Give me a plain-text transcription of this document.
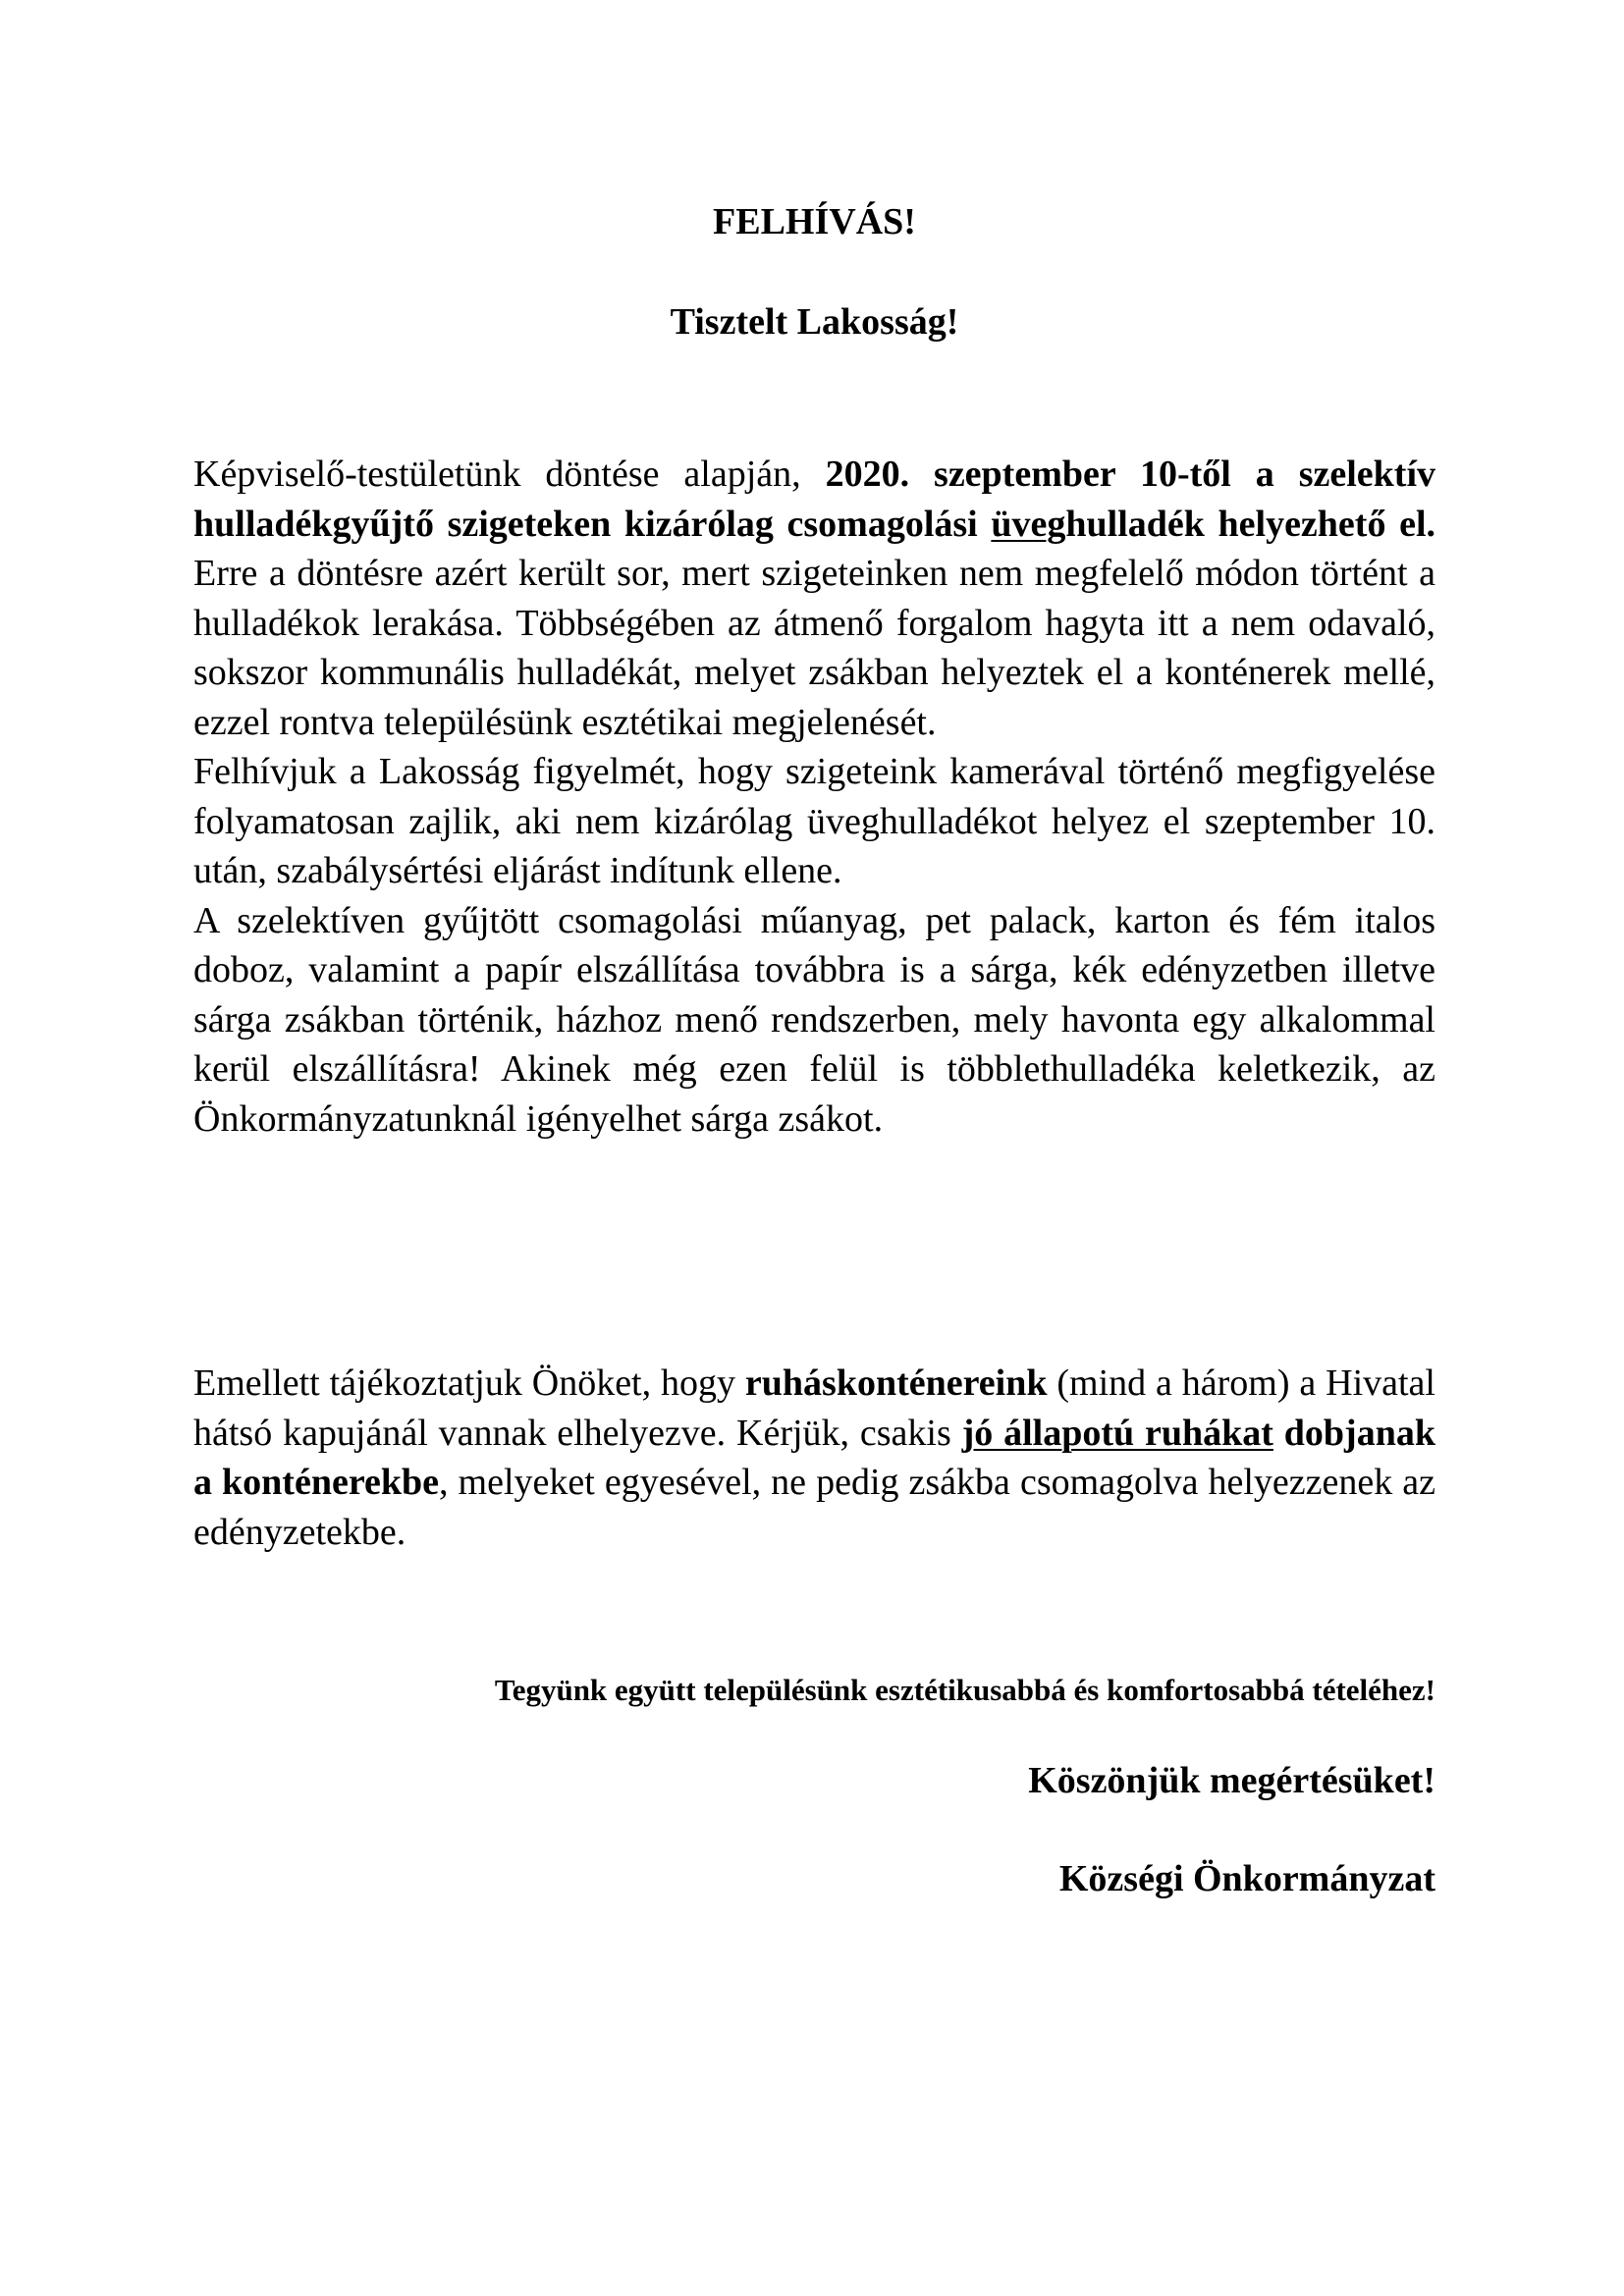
FELHÍVÁS!
Tisztelt Lakosság!

Képviselő-testületünk döntése alapján, 2020. szeptember 10-től a szelektív hulladékgyűjtő szigeteken kizárólag csomagolási üveghulladék helyezhető el. Erre a döntésre azért került sor, mert szigeteinken nem megfelelő módon történt a hulladékok lerakása. Többségében az átmenő forgalom hagyta itt a nem odavaló, sokszor kommunális hulladékát, melyet zsákban helyeztek el a konténerek mellé, ezzel rontva településünk esztétikai megjelenését.
Felhívjuk a Lakosság figyelmét, hogy szigeteink kamerával történő megfigyelése folyamatosan zajlik, aki nem kizárólag üveghulladékot helyez el szeptember 10. után, szabálysértési eljárást indítunk ellene.
A szelektíven gyűjtött csomagolási műanyag, pet palack, karton és fém italos doboz, valamint a papír elszállítása továbbra is a sárga, kék edényzetben illetve sárga zsákban történik, házhoz menő rendszerben, mely havonta egy alkalommal kerül elszállításra! Akinek még ezen felül is többlethulladéka keletkezik, az Önkormányzatunknál igényelhet sárga zsákot.

Emellett tájékoztatjuk Önöket, hogy ruháskonténereink (mind a három) a Hivatal hátsó kapujánál vannak elhelyezve. Kérjük, csakis jó állapotú ruhákat dobjanak a konténerekbe, melyeket egyesével, ne pedig zsákba csomagolva helyezzenek az edényzetekbe.

Tegyünk együtt településünk esztétikusabbá és komfortosabbá tételéhez!

Köszönjük megértésüket!

Községi Önkormányzat
